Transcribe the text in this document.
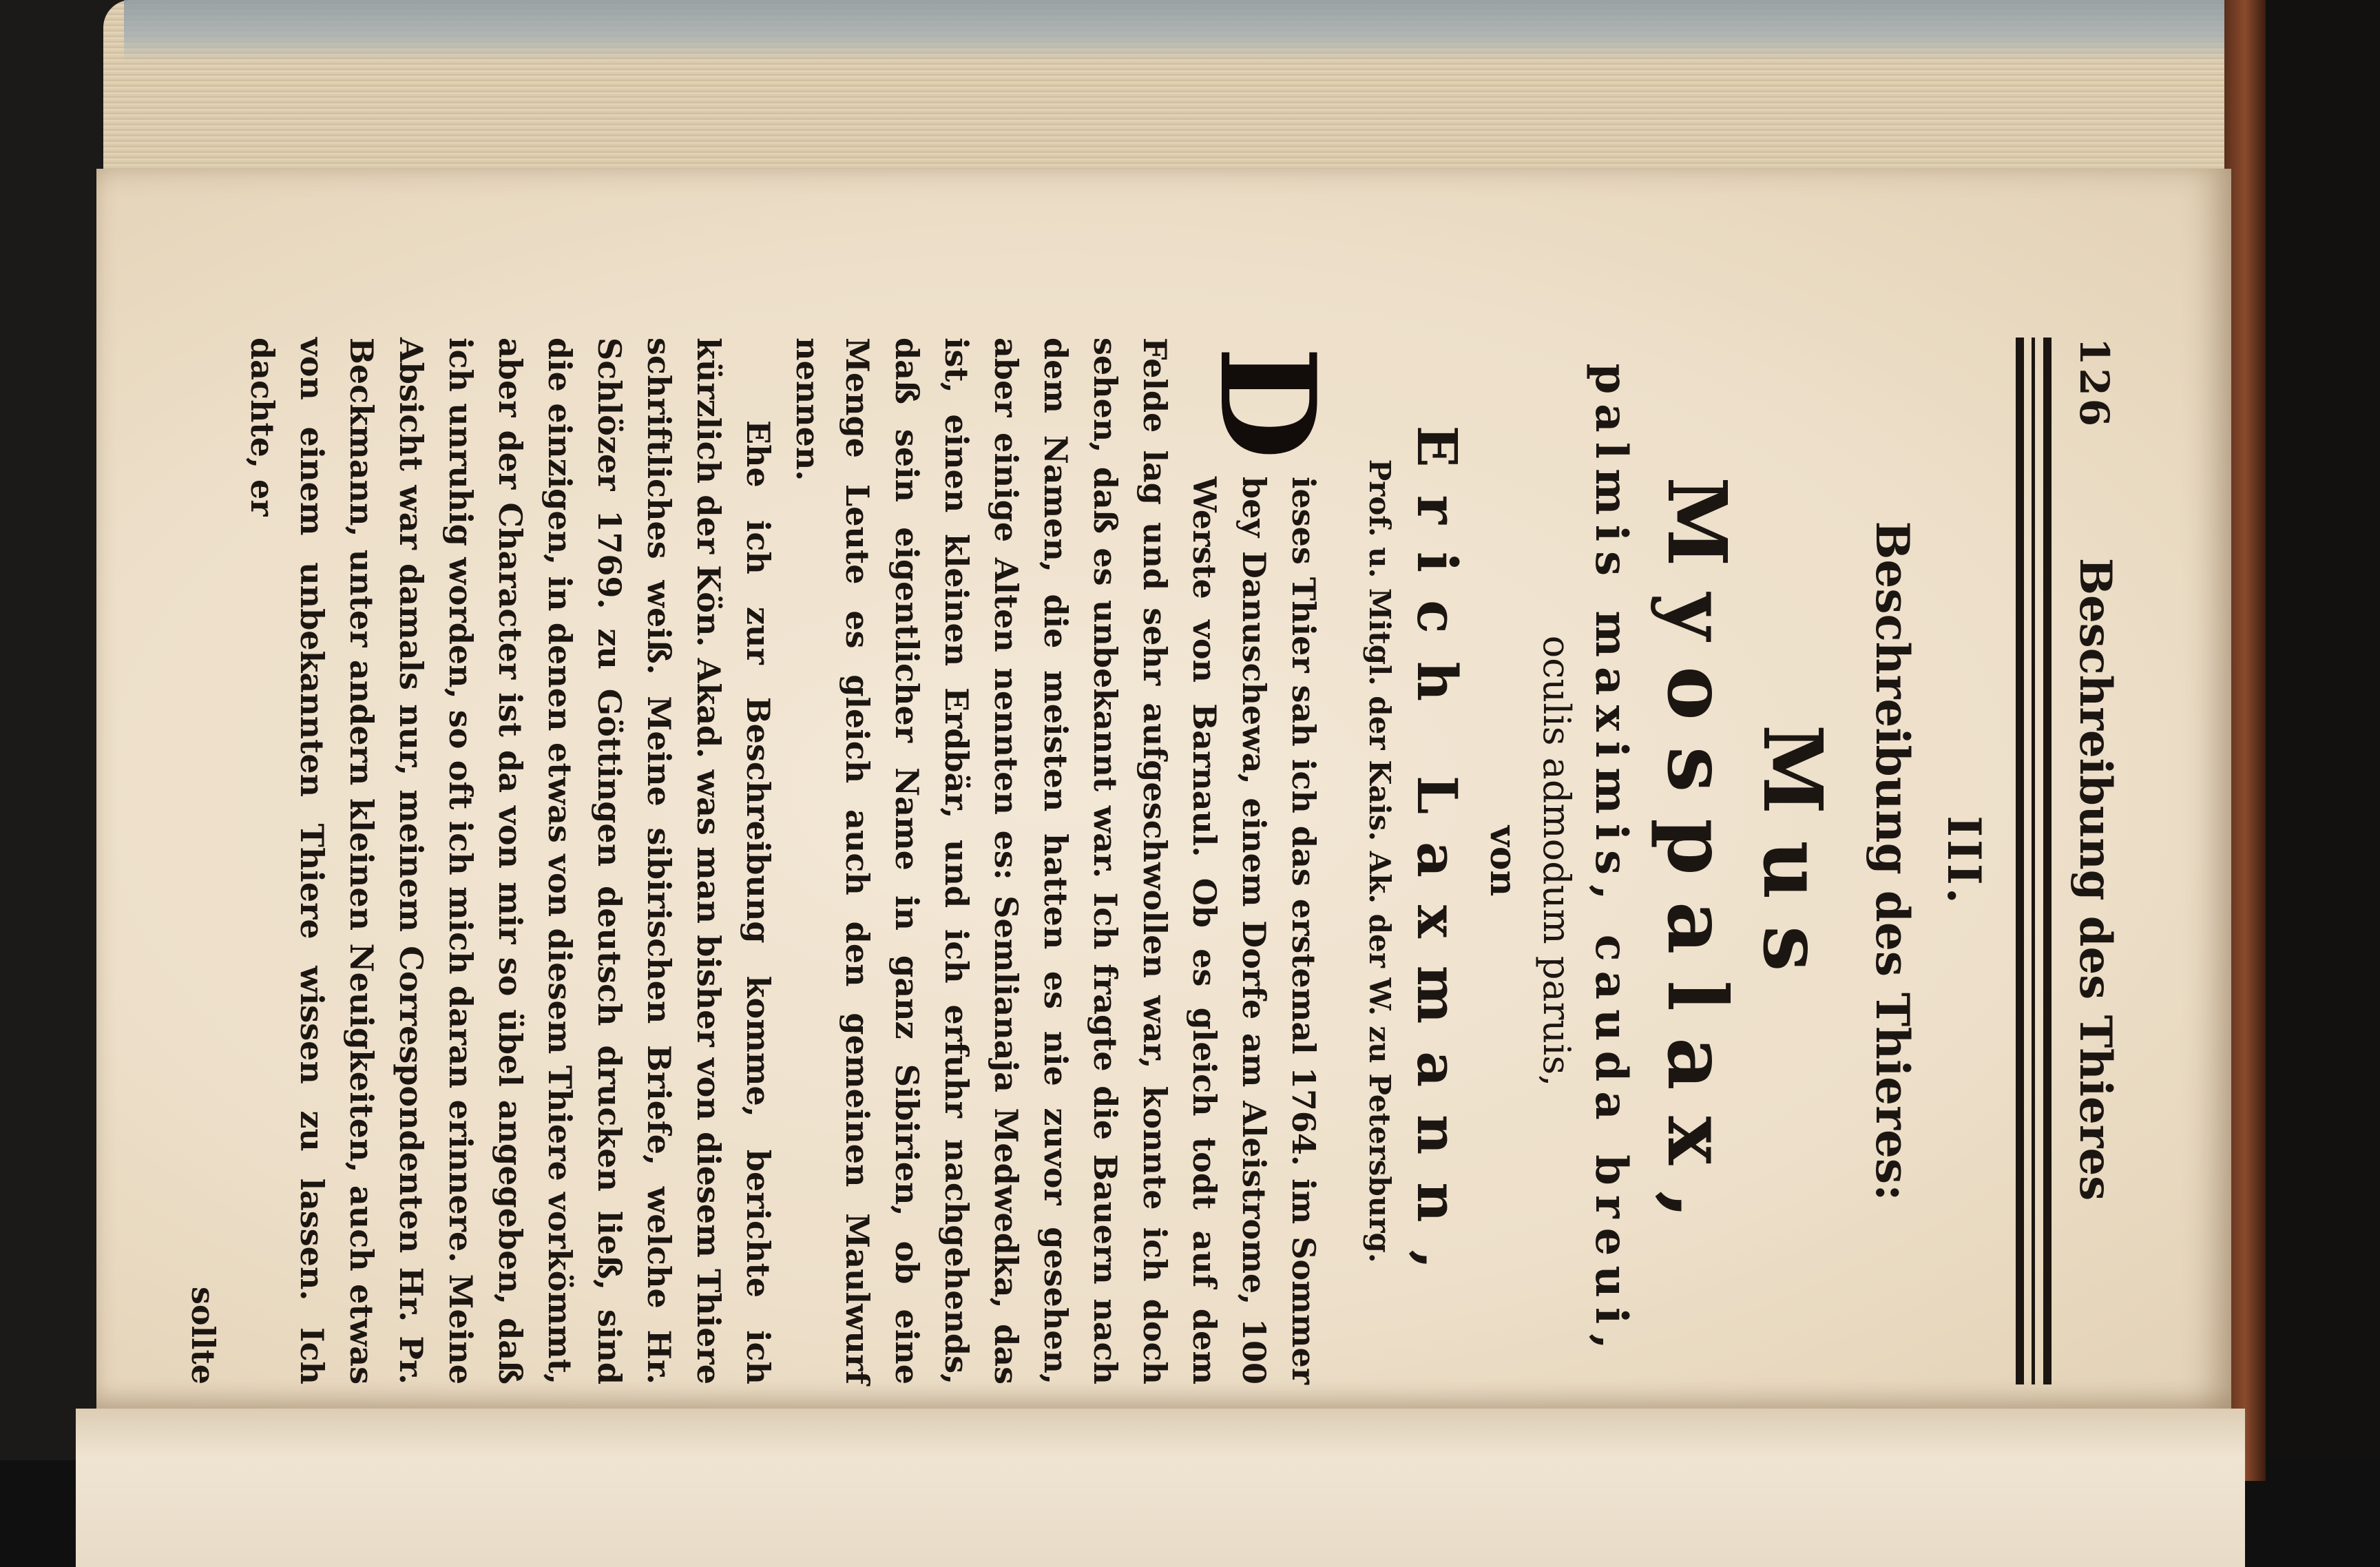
126
Beschreibung des Thieres
III.
Beschreibung des Thieres:
Mus Myospalax,
palmis maximis, cauda breui,
oculis admodum paruis,
von
Erich Laxmann,
Prof. u. Mitgl. der Kais. Ak. der W. zu Petersburg.
D

ieses Thier sah ich das erstemal 1764. im Sommer bey Danuschewa, einem Dorfe am Aleistrome, 100 Werste von Barnaul. Ob es gleich todt auf dem Felde lag und sehr aufgeschwollen war, konnte ich doch sehen, daß es unbekannt war. Ich fragte die Bauern nach dem Namen, die meisten hatten es nie zuvor gesehen, aber einige Alten nennten es: Semlianaja Medwedka, das ist, einen kleinen Erdbär, und ich erfuhr nachgehends, daß sein eigentlicher Name in ganz Sibirien, ob eine Menge Leute es gleich auch den gemeinen Maulwurf nennen.

Ehe ich zur Beschreibung komme, berichte ich kürzlich der Kön. Akad. was man bisher von diesem Thiere schriftliches weiß. Meine sibirischen Briefe, welche Hr. Schlözer 1769. zu Göttingen deutsch drucken ließ, sind die einzigen, in denen etwas von diesem Thiere vorkömmt, aber der Character ist da von mir so übel angegeben, daß ich unruhig worden, so oft ich mich daran erinnere. Meine Absicht war damals nur, meinem Correspondenten Hr. Pr. Beckmann, unter andern kleinen Neuigkeiten, auch etwas von einem unbekannten Thiere wissen zu lassen. Ich dachte, er

sollte
